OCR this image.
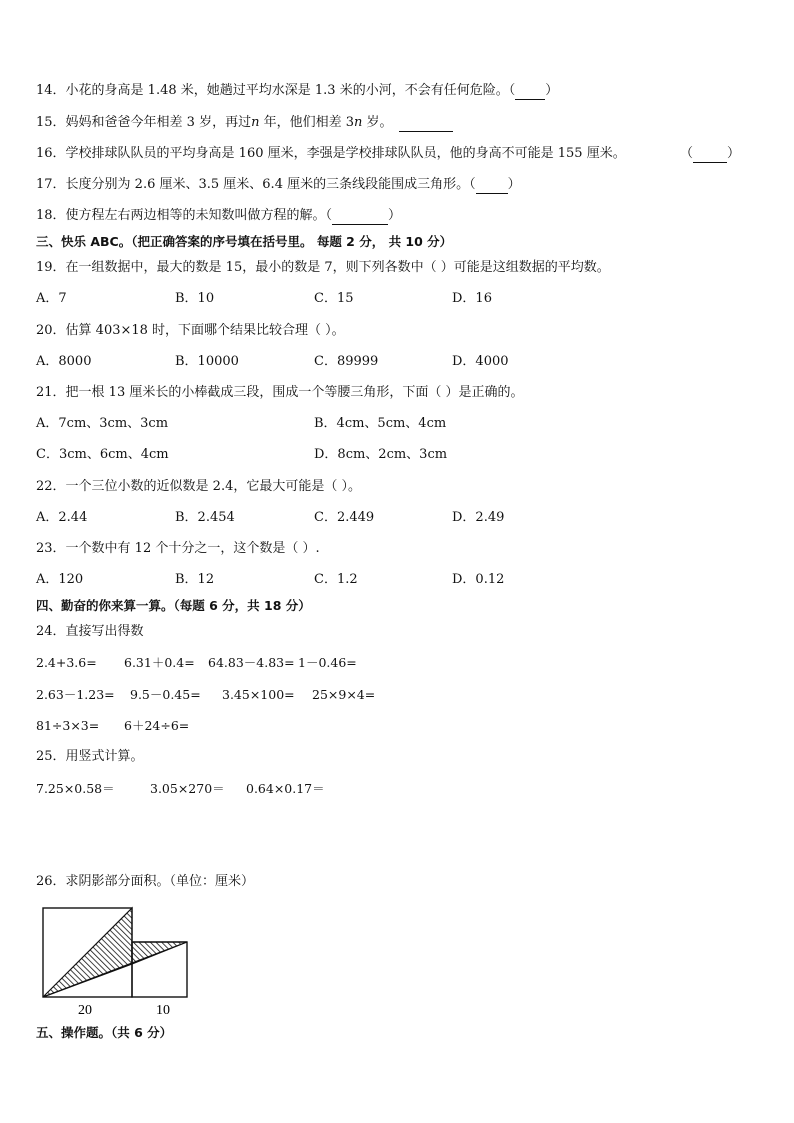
14．小花的身高是 1.48 米，她趟过平均水深是 1.3 米的小河，不会有任何危险。（ ）
15．妈妈和爸爸今年相差 3 岁，再过n 年，他们相差 3n 岁。
16．学校排球队队员的平均身高是 160 厘米，李强是学校排球队队员，他的身高不可能是 155 厘米。	（	）
17．长度分别为 2.6 厘米、3.5 厘米、6.4 厘米的三条线段能围成三角形。（ ）
18．使方程左右两边相等的未知数叫做方程的解。（	）
三、快乐 ABC。（把正确答案的序号填在括号里。 每题 2 分， 共 10 分）
19．在一组数据中，最大的数是 15，最小的数是 7，则下列各数中（ ）可能是这组数据的平均数。
A．7	B．10	C．15	D．16
20．估算 403×18 时，下面哪个结果比较合理（ ）。
A．8000	B．10000	C．89999	D．4000
21．把一根 13 厘米长的小棒截成三段，围成一个等腰三角形，下面（ ）是正确的。
A．7cm、3cm、3cm	B．4cm、5cm、4cm
C．3cm、6cm、4cm	D．8cm、2cm、3cm
22．一个三位小数的近似数是 2.4，它最大可能是（ ）。
A．2.44	B．2.454	C．2.449	D．2.49
23．一个数中有 12 个十分之一，这个数是（ ）.
A．120	B．12	C．1.2	D．0.12
四、勤奋的你来算一算。（每题 6 分，共 18 分）
24．直接写出得数
2.4+3.6= 6.31＋0.4= 64.83－4.83= 1－0.46=
2.63－1.23= 9.5－0.45= 3.45×100= 25×9×4=
81÷3×3= 6＋24÷6=
25．用竖式计算。
7.25×0.58＝	3.05×270＝ 0.64×0.17＝
26．求阴影部分面积。（单位：厘米）
20	10
五、操作题。（共 6 分）
